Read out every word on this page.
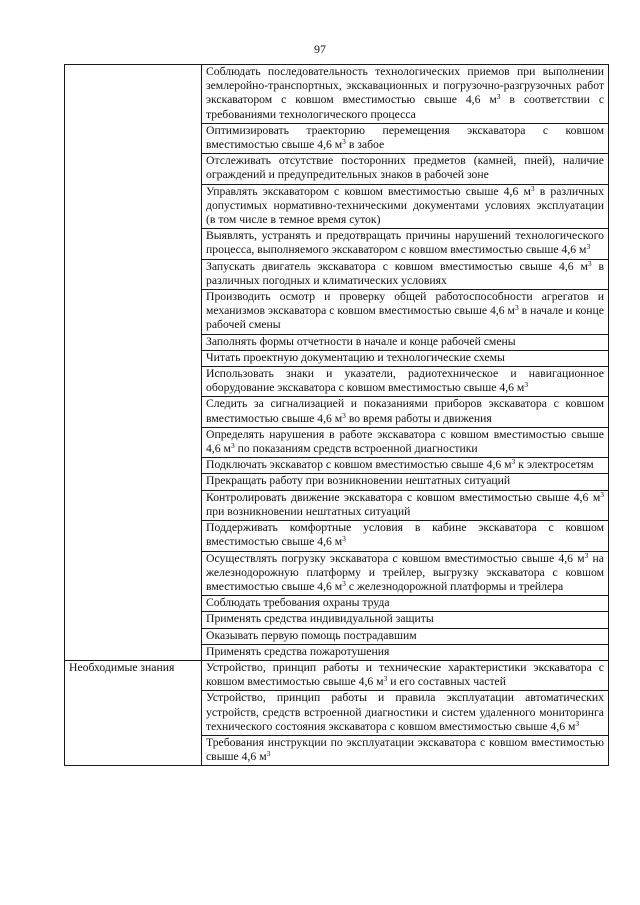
97
	Соблюдать последовательность технологических приемов при выполнении землеройно-транспортных, экскавационных и погрузочно-разгрузочных работ экскаватором с ковшом вместимостью свыше 4,6 $м^3$ в соответствии с требованиями технологического процесса
	Оптимизировать траекторию перемещения экскаватора с ковшом вместимостью свыше 4,6 $м^3$ в забое
	Отслеживать отсутствие посторонних предметов (камней, пней), наличие ограждений и предупредительных знаков в рабочей зоне
	Управлять экскаватором с ковшом вместимостью свыше 4,6 $м^3$ в различных допустимых нормативно-техническими документами условиях эксплуатации (в том числе в темное время суток)
	Выявлять, устранять и предотвращать причины нарушений технологического процесса, выполняемого экскаватором с ковшом вместимостью свыше 4,6 $м^3$
	Запускать двигатель экскаватора с ковшом вместимостью свыше 4,6 $м^3$ в различных погодных и климатических условиях
	Производить осмотр и проверку общей работоспособности агрегатов и механизмов экскаватора с ковшом вместимостью свыше 4,6 $м^3$ в начале и конце рабочей смены
	Заполнять формы отчетности в начале и конце рабочей смены
	Читать проектную документацию и технологические схемы
	Использовать знаки и указатели, радиотехническое и навигационное оборудование экскаватора с ковшом вместимостью свыше 4,6 $м^3$
	Следить за сигнализацией и показаниями приборов экскаватора с ковшом вместимостью свыше 4,6 $м^3$ во время работы и движения
	Определять нарушения в работе экскаватора с ковшом вместимостью свыше 4,6 $м^3$ по показаниям средств встроенной диагностики
	Подключать экскаватор с ковшом вместимостью свыше 4,6 $м^3$ к электросетям
	Прекращать работу при возникновении нештатных ситуаций
	Контролировать движение экскаватора с ковшом вместимостью свыше 4,6 $м^3$ при возникновении нештатных ситуаций
	Поддерживать комфортные условия в кабине экскаватора с ковшом вместимостью свыше 4,6 $м^3$
	Осуществлять погрузку экскаватора с ковшом вместимостью свыше 4,6 $м^3$ на железнодорожную платформу и трейлер, выгрузку экскаватора с ковшом вместимостью свыше 4,6 $м^3$ с железнодорожной платформы и трейлера
	Соблюдать требования охраны труда
	Применять средства индивидуальной защиты
	Оказывать первую помощь пострадавшим
	Применять средства пожаротушения
Необходимые знания	Устройство, принцип работы и технические характеристики экскаватора с ковшом вместимостью свыше 4,6 $м^3$ и его составных частей
	Устройство, принцип работы и правила эксплуатации автоматических устройств, средств встроенной диагностики и систем удаленного мониторинга технического состояния экскаватора с ковшом вместимостью свыше 4,6 $м^3$
	Требования инструкции по эксплуатации экскаватора с ковшом вместимостью свыше 4,6 $м^3$
